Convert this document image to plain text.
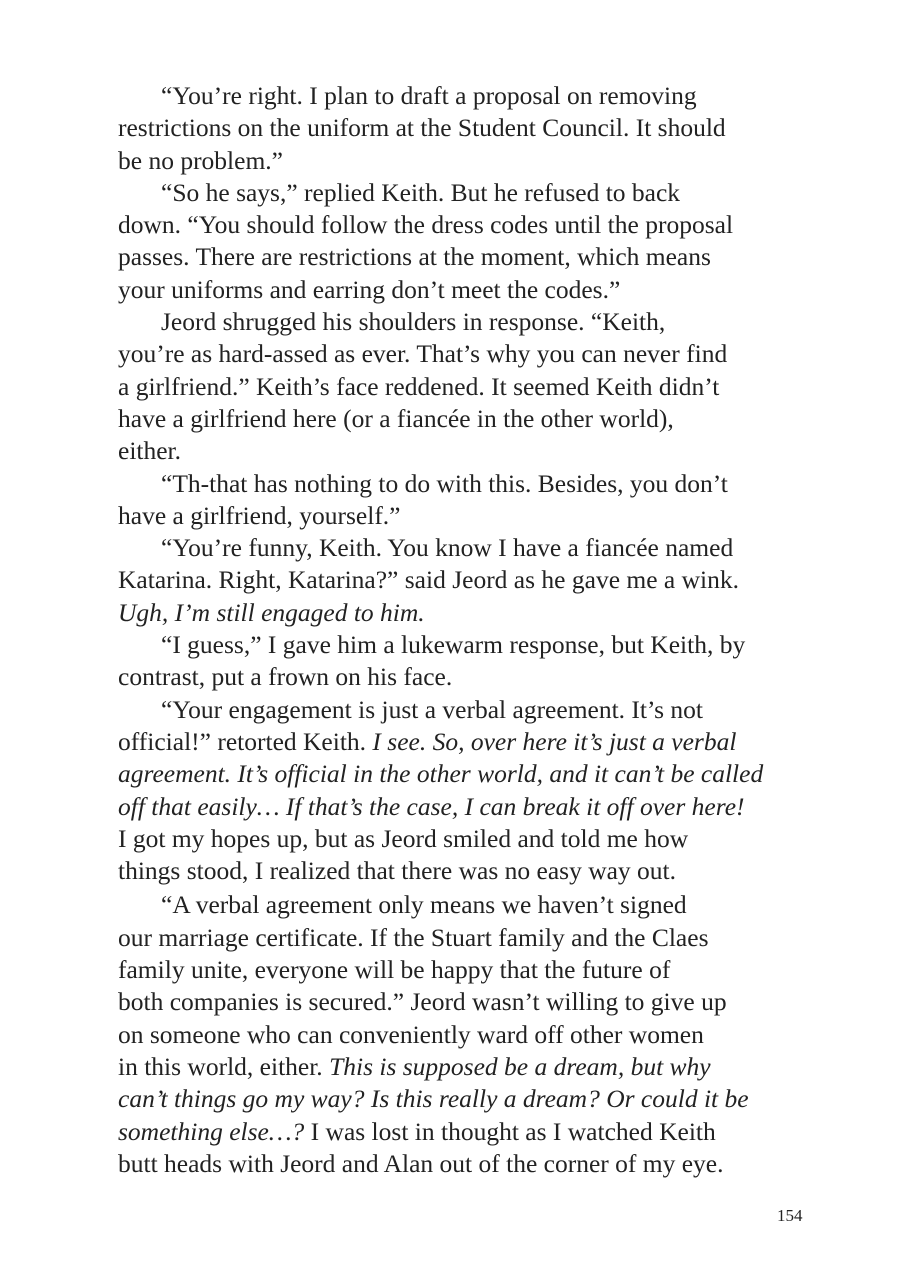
“You’re right. I plan to draft a proposal on removing
restrictions on the uniform at the Student Council. It should
be no problem.”
“So he says,” replied Keith. But he refused to back
down. “You should follow the dress codes until the proposal
passes. There are restrictions at the moment, which means
your uniforms and earring don’t meet the codes.”
Jeord shrugged his shoulders in response. “Keith,
you’re as hard-assed as ever. That’s why you can never find
a girlfriend.” Keith’s face reddened. It seemed Keith didn’t
have a girlfriend here (or a fiancée in the other world),
either.
“Th-that has nothing to do with this. Besides, you don’t
have a girlfriend, yourself.”
“You’re funny, Keith. You know I have a fiancée named
Katarina. Right, Katarina?” said Jeord as he gave me a wink.
Ugh, I’m still engaged to him.
“I guess,” I gave him a lukewarm response, but Keith, by
contrast, put a frown on his face.
“Your engagement is just a verbal agreement. It’s not
official!” retorted Keith. I see. So, over here it’s just a verbal
agreement. It’s official in the other world, and it can’t be called
off that easily… If that’s the case, I can break it off over here!
I got my hopes up, but as Jeord smiled and told me how
things stood, I realized that there was no easy way out.
“A verbal agreement only means we haven’t signed
our marriage certificate. If the Stuart family and the Claes
family unite, everyone will be happy that the future of
both companies is secured.” Jeord wasn’t willing to give up
on someone who can conveniently ward off other women
in this world, either. This is supposed be a dream, but why
can’t things go my way? Is this really a dream? Or could it be
something else…? I was lost in thought as I watched Keith
butt heads with Jeord and Alan out of the corner of my eye.
154
